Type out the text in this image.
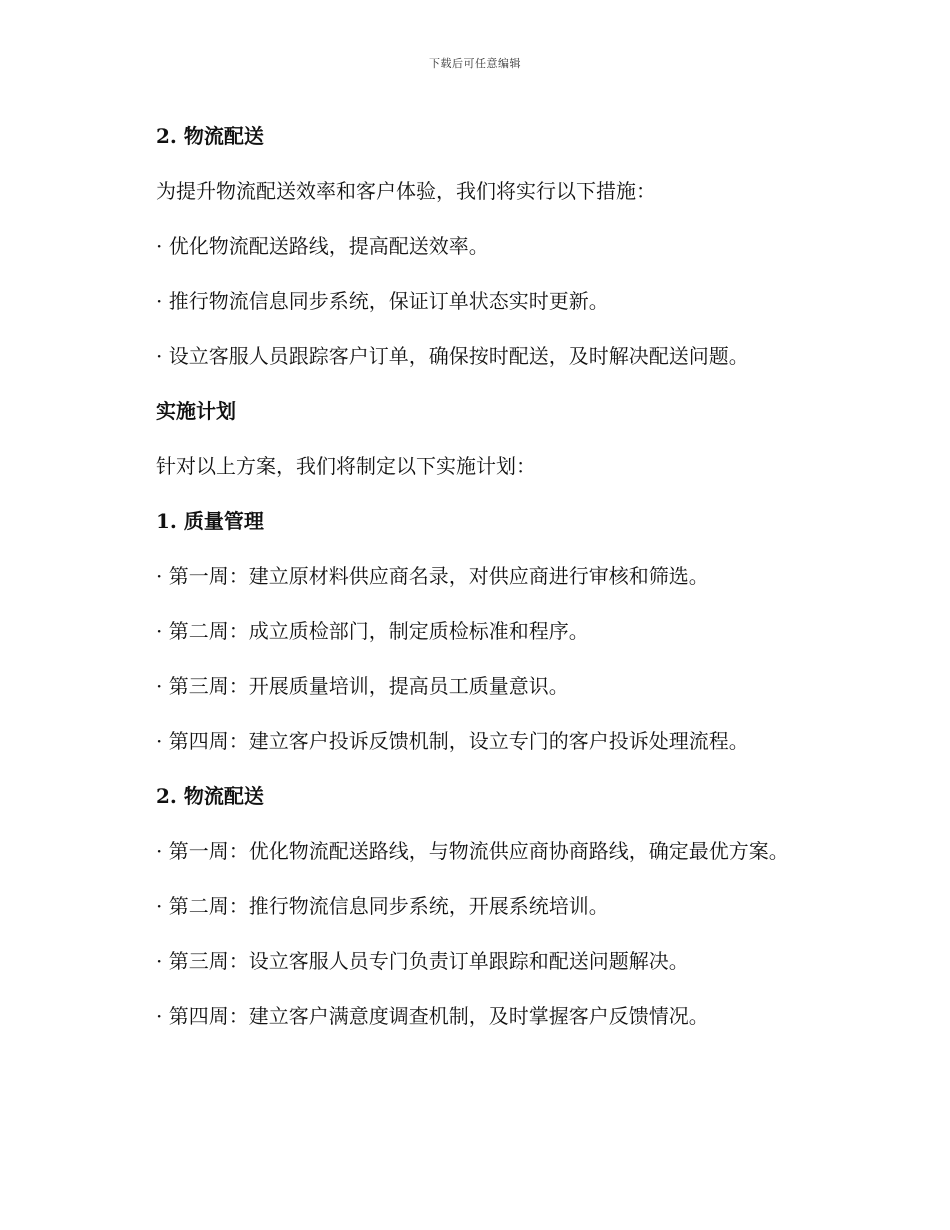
下载后可任意编辑

2. 物流配送

为提升物流配送效率和客户体验，我们将实行以下措施：

· 优化物流配送路线，提高配送效率。

· 推行物流信息同步系统，保证订单状态实时更新。

· 设立客服人员跟踪客户订单，确保按时配送，及时解决配送问题。

实施计划

针对以上方案，我们将制定以下实施计划：

1. 质量管理

· 第一周：建立原材料供应商名录，对供应商进行审核和筛选。

· 第二周：成立质检部门，制定质检标准和程序。

· 第三周：开展质量培训，提高员工质量意识。

· 第四周：建立客户投诉反馈机制，设立专门的客户投诉处理流程。

2. 物流配送

· 第一周：优化物流配送路线，与物流供应商协商路线，确定最优方案。

· 第二周：推行物流信息同步系统，开展系统培训。

· 第三周：设立客服人员专门负责订单跟踪和配送问题解决。

· 第四周：建立客户满意度调查机制，及时掌握客户反馈情况。
